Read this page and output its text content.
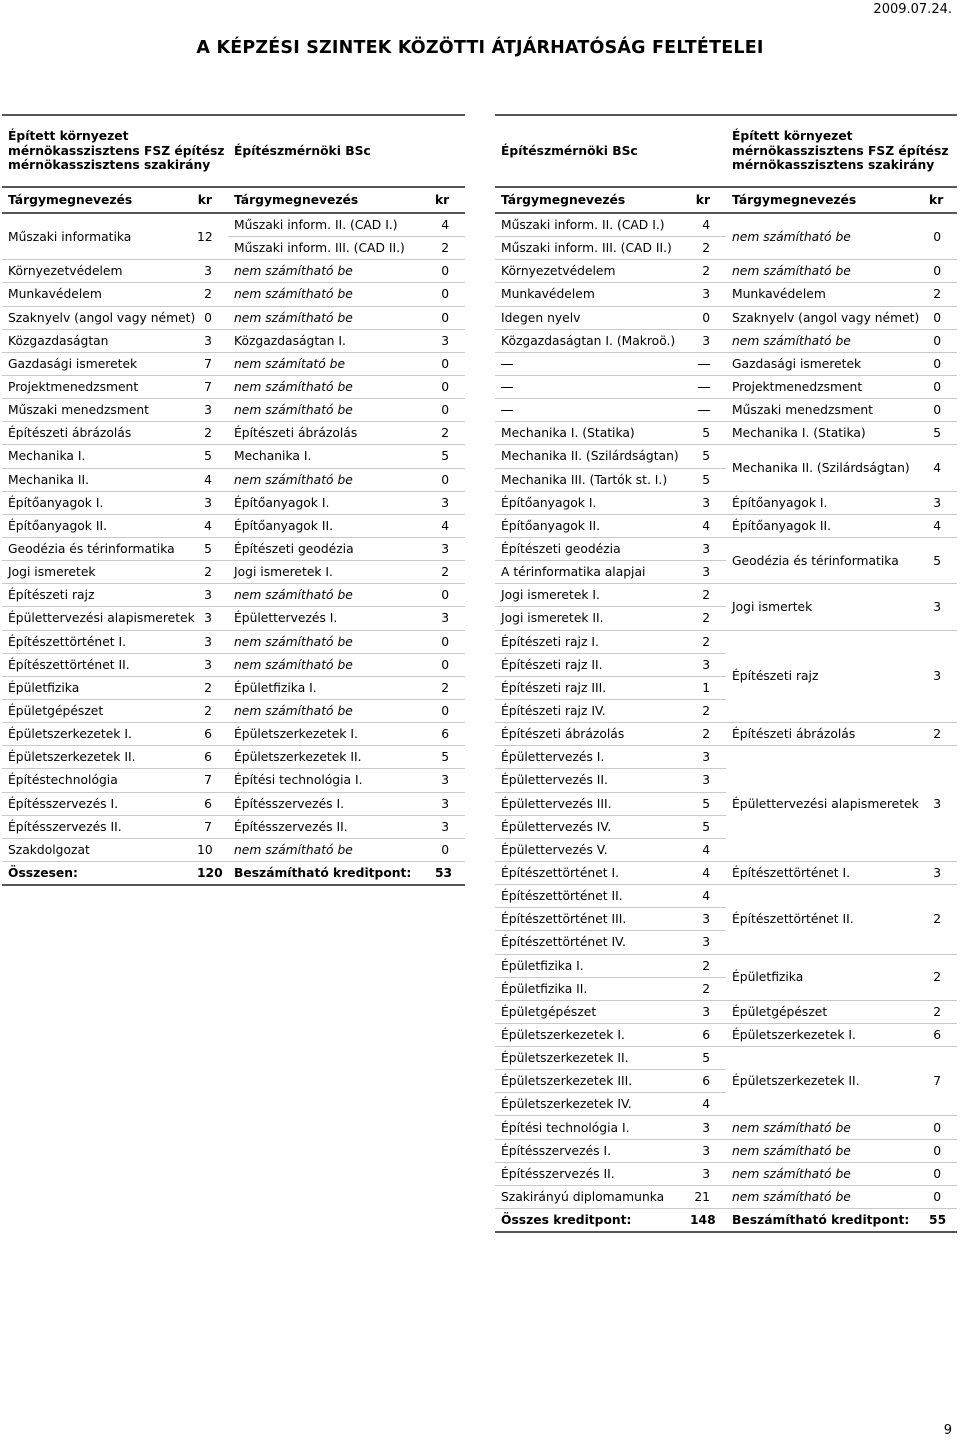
2009.07.24.
A KÉPZÉSI SZINTEK KÖZÖTTI ÁTJÁRHATÓSÁG FELTÉTELEI
Épített környezet mérnökasszisztens FSZ építész mérnökasszisztens szakirány		Építészmérnöki BSc	
Tárgymegnevezés	kr	Tárgymegnevezés	kr
Műszaki informatika	12	Műszaki inform. II. (CAD I.)	4
		Műszaki inform. III. (CAD II.)	2
Környezetvédelem	3	nem számítható be	0
Munkavédelem	2	nem számítható be	0
Szaknyelv (angol vagy német)	0	nem számítható be	0
Közgazdaságtan	3	Közgazdaságtan I.	3
Gazdasági ismeretek	7	nem számítató be	0
Projektmenedzsment	7	nem számítható be	0
Műszaki menedzsment	3	nem számítható be	0
Építészeti ábrázolás	2	Építészeti ábrázolás	2
Mechanika I.	5	Mechanika I.	5
Mechanika II.	4	nem számítható be	0
Építőanyagok I.	3	Építőanyagok I.	3
Építőanyagok II.	4	Építőanyagok II.	4
Geodézia és térinformatika	5	Építészeti geodézia	3
Jogi ismeretek	2	Jogi ismeretek I.	2
Építészeti rajz	3	nem számítható be	0
Épülettervezési alapismeretek	3	Épülettervezés I.	3
Építészettörténet I.	3	nem számítható be	0
Építészettörténet II.	3	nem számítható be	0
Épületfizika	2	Épületfizika I.	2
Épületgépészet	2	nem számítható be	0
Épületszerkezetek I.	6	Épületszerkezetek I.	6
Épületszerkezetek II.	6	Épületszerkezetek II.	5
Építéstechnológia	7	Építési technológia I.	3
Építésszervezés I.	6	Építésszervezés I.	3
Építésszervezés II.	7	Építésszervezés II.	3
Szakdolgozat	10	nem számítható be	0
Összesen:	120	Beszámítható kreditpont:	53
Építészmérnöki BSc		Épített környezet mérnökasszisztens FSZ építész mérnökasszisztens szakirány	
Tárgymegnevezés	kr	Tárgymegnevezés	kr
Műszaki inform. II. (CAD I.)	4	nem számítható be	0
Műszaki inform. III. (CAD II.)	2		
Környezetvédelem	2	nem számítható be	0
Munkavédelem	3	Munkavédelem	2
Idegen nyelv	0	Szaknyelv (angol vagy német)	0
Közgazdaságtan I. (Makroö.)	3	nem számítható be	0
		Gazdasági ismeretek	0
		Projektmenedzsment	0
		Műszaki menedzsment	0
Mechanika I. (Statika)	5	Mechanika I. (Statika)	5
Mechanika II. (Szilárdságtan)	5	Mechanika II. (Szilárdságtan)	4
Mechanika III. (Tartók st. I.)	5		
Építőanyagok I.	3	Építőanyagok I.	3
Építőanyagok II.	4	Építőanyagok II.	4
Építészeti geodézia	3	Geodézia és térinformatika	5
A térinformatika alapjai	3		
Jogi ismeretek I.	2	Jogi ismertek	3
Jogi ismeretek II.	2		
Építészeti rajz I.	2	Építészeti rajz	3
Építészeti rajz II.	3		
Építészeti rajz III.	1		
Építészeti rajz IV.	2		
Építészeti ábrázolás	2	Építészeti ábrázolás	2
Épülettervezés I.	3	Épülettervezési alapismeretek	3
Épülettervezés II.	3		
Épülettervezés III.	5		
Épülettervezés IV.	5		
Épülettervezés V.	4		
Építészettörténet I.	4	Építészettörténet I.	3
Építészettörténet II.	4	Építészettörténet II.	2
Építészettörténet III.	3		
Építészettörténet IV.	3		
Épületfizika I.	2	Épületfizika	2
Épületfizika II.	2		
Épületgépészet	3	Épületgépészet	2
Épületszerkezetek I.	6	Épületszerkezetek I.	6
Épületszerkezetek II.	5	Épületszerkezetek II.	7
Épületszerkezetek III.	6		
Épületszerkezetek IV.	4		
Építési technológia I.	3	nem számítható be	0
Építésszervezés I.	3	nem számítható be	0
Építésszervezés II.	3	nem számítható be	0
Szakirányú diplomamunka	21	nem számítható be	0
Összes kreditpont:	148	Beszámítható kreditpont:	55
9
